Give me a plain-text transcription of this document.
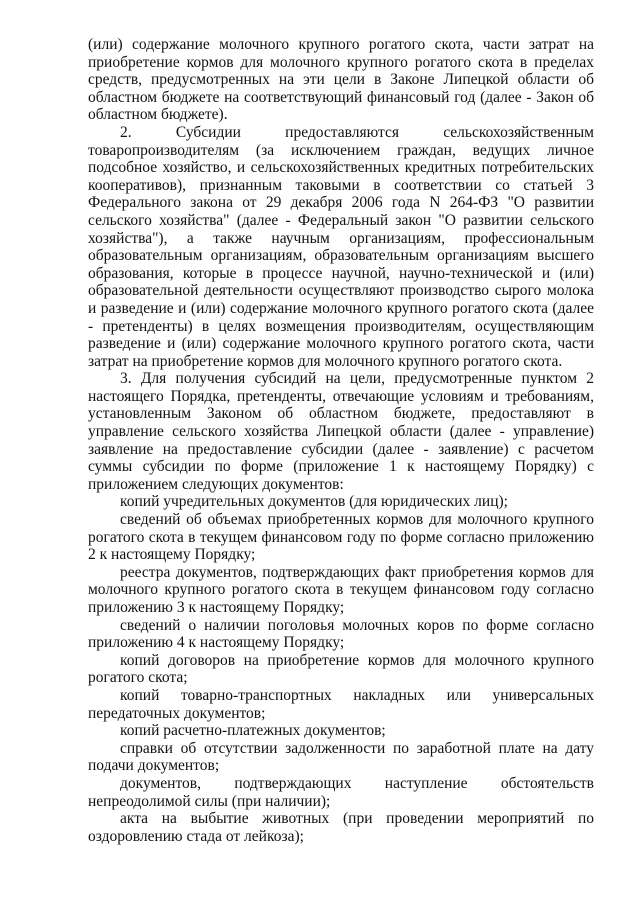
(или) содержание молочного крупного рогатого скота, части затрат на приобретение кормов для молочного крупного рогатого скота в пределах средств, предусмотренных на эти цели в Законе Липецкой области об областном бюджете на соответствующий финансовый год (далее - Закон об областном бюджете).

2. Субсидии предоставляются сельскохозяйственным товаропроизводителям (за исключением граждан, ведущих личное подсобное хозяйство, и сельскохозяйственных кредитных потребительских кооперативов), признанным таковыми в соответствии со статьей 3 Федерального закона от 29 декабря 2006 года N 264-ФЗ "О развитии сельского хозяйства" (далее - Федеральный закон "О развитии сельского хозяйства"), а также научным организациям, профессиональным образовательным организациям, образовательным организациям высшего образования, которые в процессе научной, научно-технической и (или) образовательной деятельности осуществляют производство сырого молока и разведение и (или) содержание молочного крупного рогатого скота (далее - претенденты) в целях возмещения производителям, осуществляющим разведение и (или) содержание молочного крупного рогатого скота, части затрат на приобретение кормов для молочного крупного рогатого скота.

3. Для получения субсидий на цели, предусмотренные пунктом 2 настоящего Порядка, претенденты, отвечающие условиям и требованиям, установленным Законом об областном бюджете, предоставляют в управление сельского хозяйства Липецкой области (далее - управление) заявление на предоставление субсидии (далее - заявление) с расчетом суммы субсидии по форме (приложение 1 к настоящему Порядку) с приложением следующих документов:

копий учредительных документов (для юридических лиц);

сведений об объемах приобретенных кормов для молочного крупного рогатого скота в текущем финансовом году по форме согласно приложению 2 к настоящему Порядку;

реестра документов, подтверждающих факт приобретения кормов для молочного крупного рогатого скота в текущем финансовом году согласно приложению 3 к настоящему Порядку;

сведений о наличии поголовья молочных коров по форме согласно приложению 4 к настоящему Порядку;

копий договоров на приобретение кормов для молочного крупного рогатого скота;

копий товарно-транспортных накладных или универсальных передаточных документов;

копий расчетно-платежных документов;

справки об отсутствии задолженности по заработной плате на дату подачи документов;

документов, подтверждающих наступление обстоятельств непреодолимой силы (при наличии);

акта на выбытие животных (при проведении мероприятий по оздоровлению стада от лейкоза);
